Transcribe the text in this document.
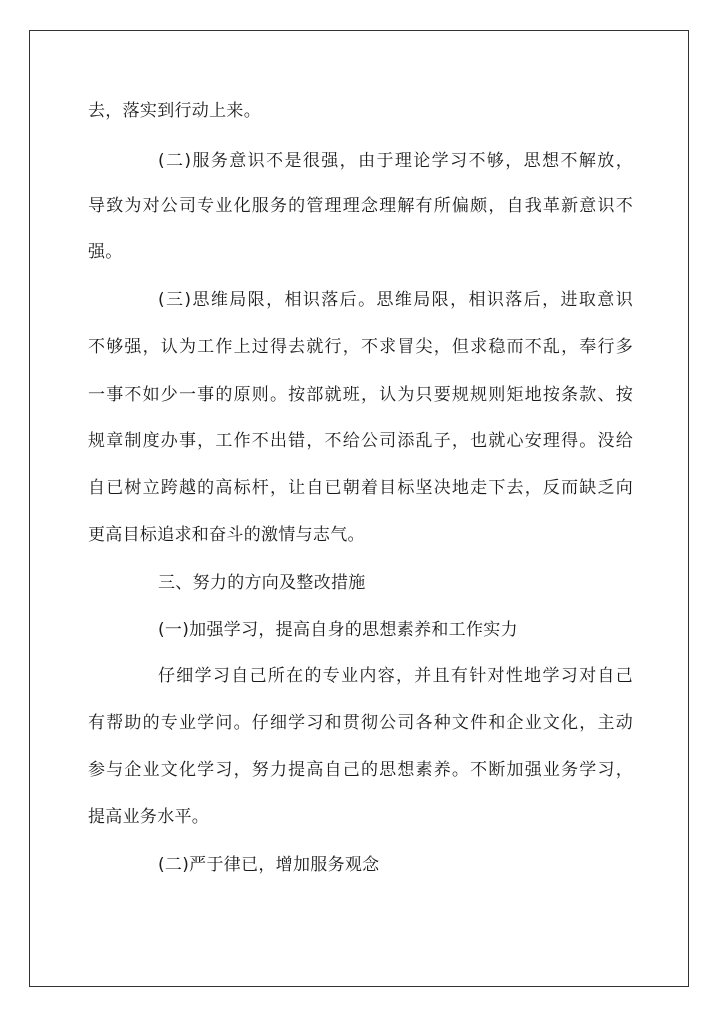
去，落实到行动上来。
(二)服务意识不是很强，由于理论学习不够，思想不解放，
导致为对公司专业化服务的管理理念理解有所偏颇，自我革新意识不
强。
(三)思维局限，相识落后。思维局限，相识落后，进取意识
不够强，认为工作上过得去就行，不求冒尖，但求稳而不乱，奉行多
一事不如少一事的原则。按部就班，认为只要规规则矩地按条款、按
规章制度办事，工作不出错，不给公司添乱子，也就心安理得。没给
自已树立跨越的高标杆，让自已朝着目标坚决地走下去，反而缺乏向
更高目标追求和奋斗的激情与志气。
三、努力的方向及整改措施
(一)加强学习，提高自身的思想素养和工作实力
仔细学习自己所在的专业内容，并且有针对性地学习对自己
有帮助的专业学问。仔细学习和贯彻公司各种文件和企业文化，主动
参与企业文化学习，努力提高自己的思想素养。不断加强业务学习，
提高业务水平。
(二)严于律已，增加服务观念
